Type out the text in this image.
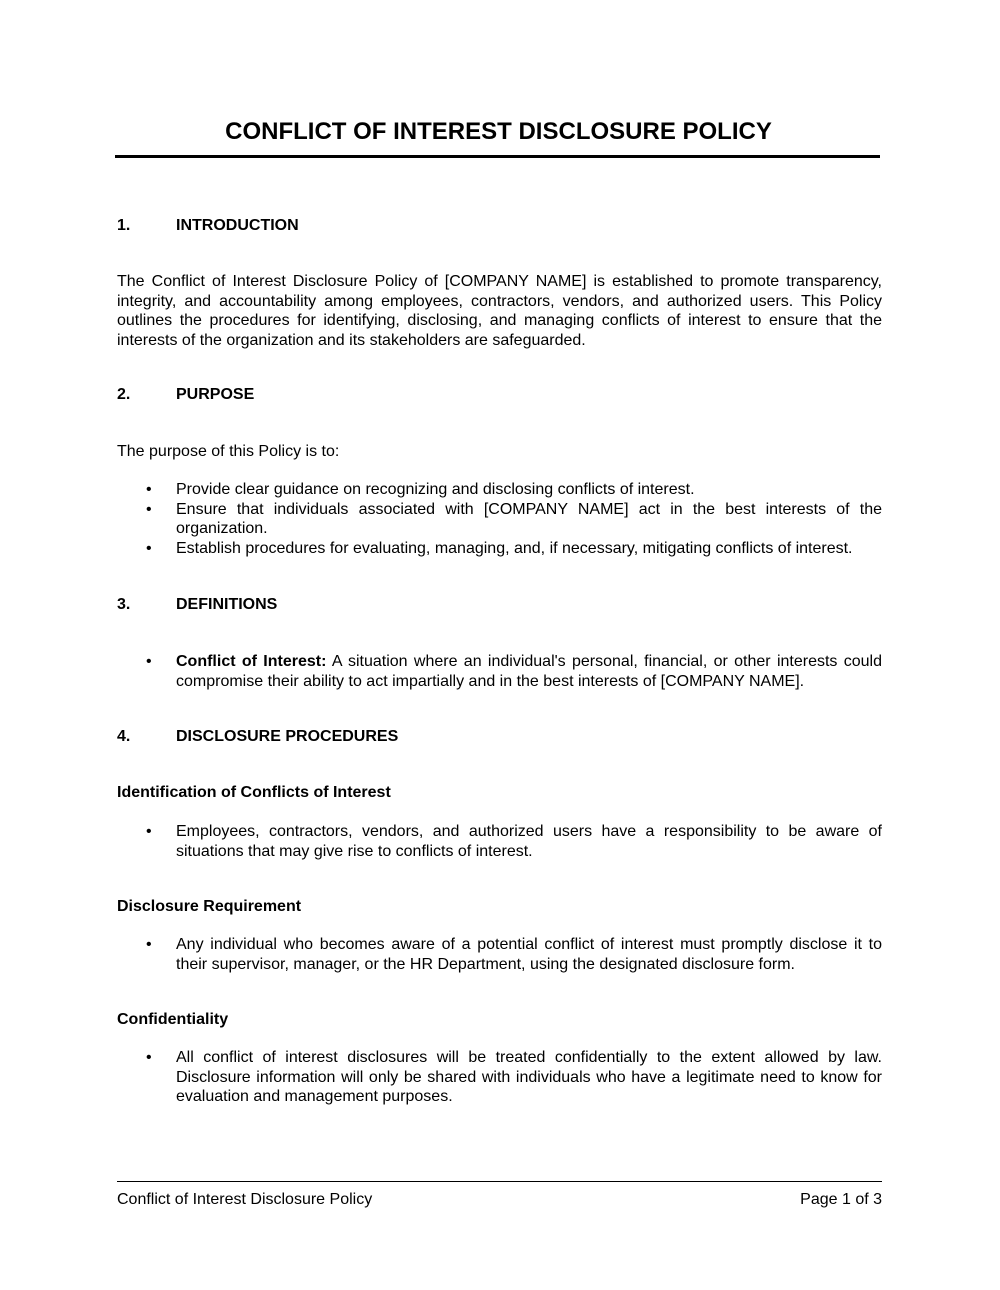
CONFLICT OF INTEREST DISCLOSURE POLICY
1.	INTRODUCTION

The Conflict of Interest Disclosure Policy of [COMPANY NAME] is established to promote transparency, integrity, and accountability among employees, contractors, vendors, and authorized users. This Policy outlines the procedures for identifying, disclosing, and managing conflicts of interest to ensure that the interests of the organization and its stakeholders are safeguarded.

2.	PURPOSE

The purpose of this Policy is to:

• Provide clear guidance on recognizing and disclosing conflicts of interest.
• Ensure that individuals associated with [COMPANY NAME] act in the best interests of the organization.
• Establish procedures for evaluating, managing, and, if necessary, mitigating conflicts of interest.
3.	DEFINITIONS
• Conflict of Interest: A situation where an individual's personal, financial, or other interests could compromise their ability to act impartially and in the best interests of [COMPANY NAME].
4.	DISCLOSURE PROCEDURES
Identification of Conflicts of Interest
• Employees, contractors, vendors, and authorized users have a responsibility to be aware of situations that may give rise to conflicts of interest.
Disclosure Requirement
• Any individual who becomes aware of a potential conflict of interest must promptly disclose it to their supervisor, manager, or the HR Department, using the designated disclosure form.
Confidentiality
• All conflict of interest disclosures will be treated confidentially to the extent allowed by law. Disclosure information will only be shared with individuals who have a legitimate need to know for evaluation and management purposes.
Conflict of Interest Disclosure Policy	Page 1 of 3
